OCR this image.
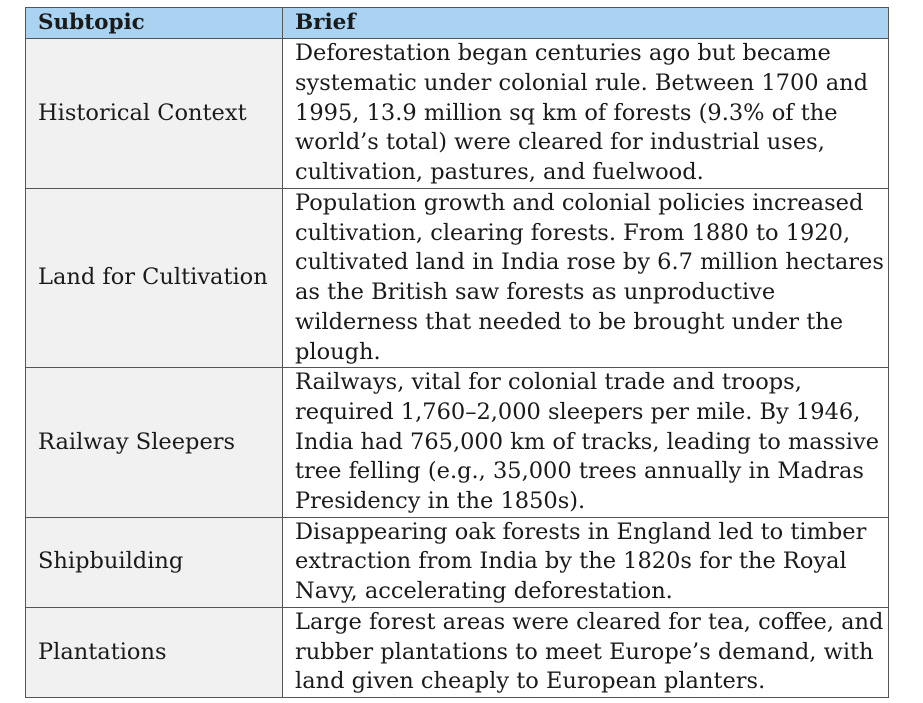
Subtopic	Brief
Historical Context	Deforestation began centuries ago but became systematic under colonial rule. Between 1700 and 1995, 13.9 million sq km of forests (9.3% of the world’s total) were cleared for industrial uses, cultivation, pastures, and fuelwood.
Land for Cultivation	Population growth and colonial policies increased cultivation, clearing forests. From 1880 to 1920, cultivated land in India rose by 6.7 million hectares as the British saw forests as unproductive wilderness that needed to be brought under the plough.
Railway Sleepers	Railways, vital for colonial trade and troops, required 1,760–2,000 sleepers per mile. By 1946, India had 765,000 km of tracks, leading to massive tree felling (e.g., 35,000 trees annually in Madras Presidency in the 1850s).
Shipbuilding	Disappearing oak forests in England led to timber extraction from India by the 1820s for the Royal Navy, accelerating deforestation.
Plantations	Large forest areas were cleared for tea, coffee, and rubber plantations to meet Europe’s demand, with land given cheaply to European planters.
